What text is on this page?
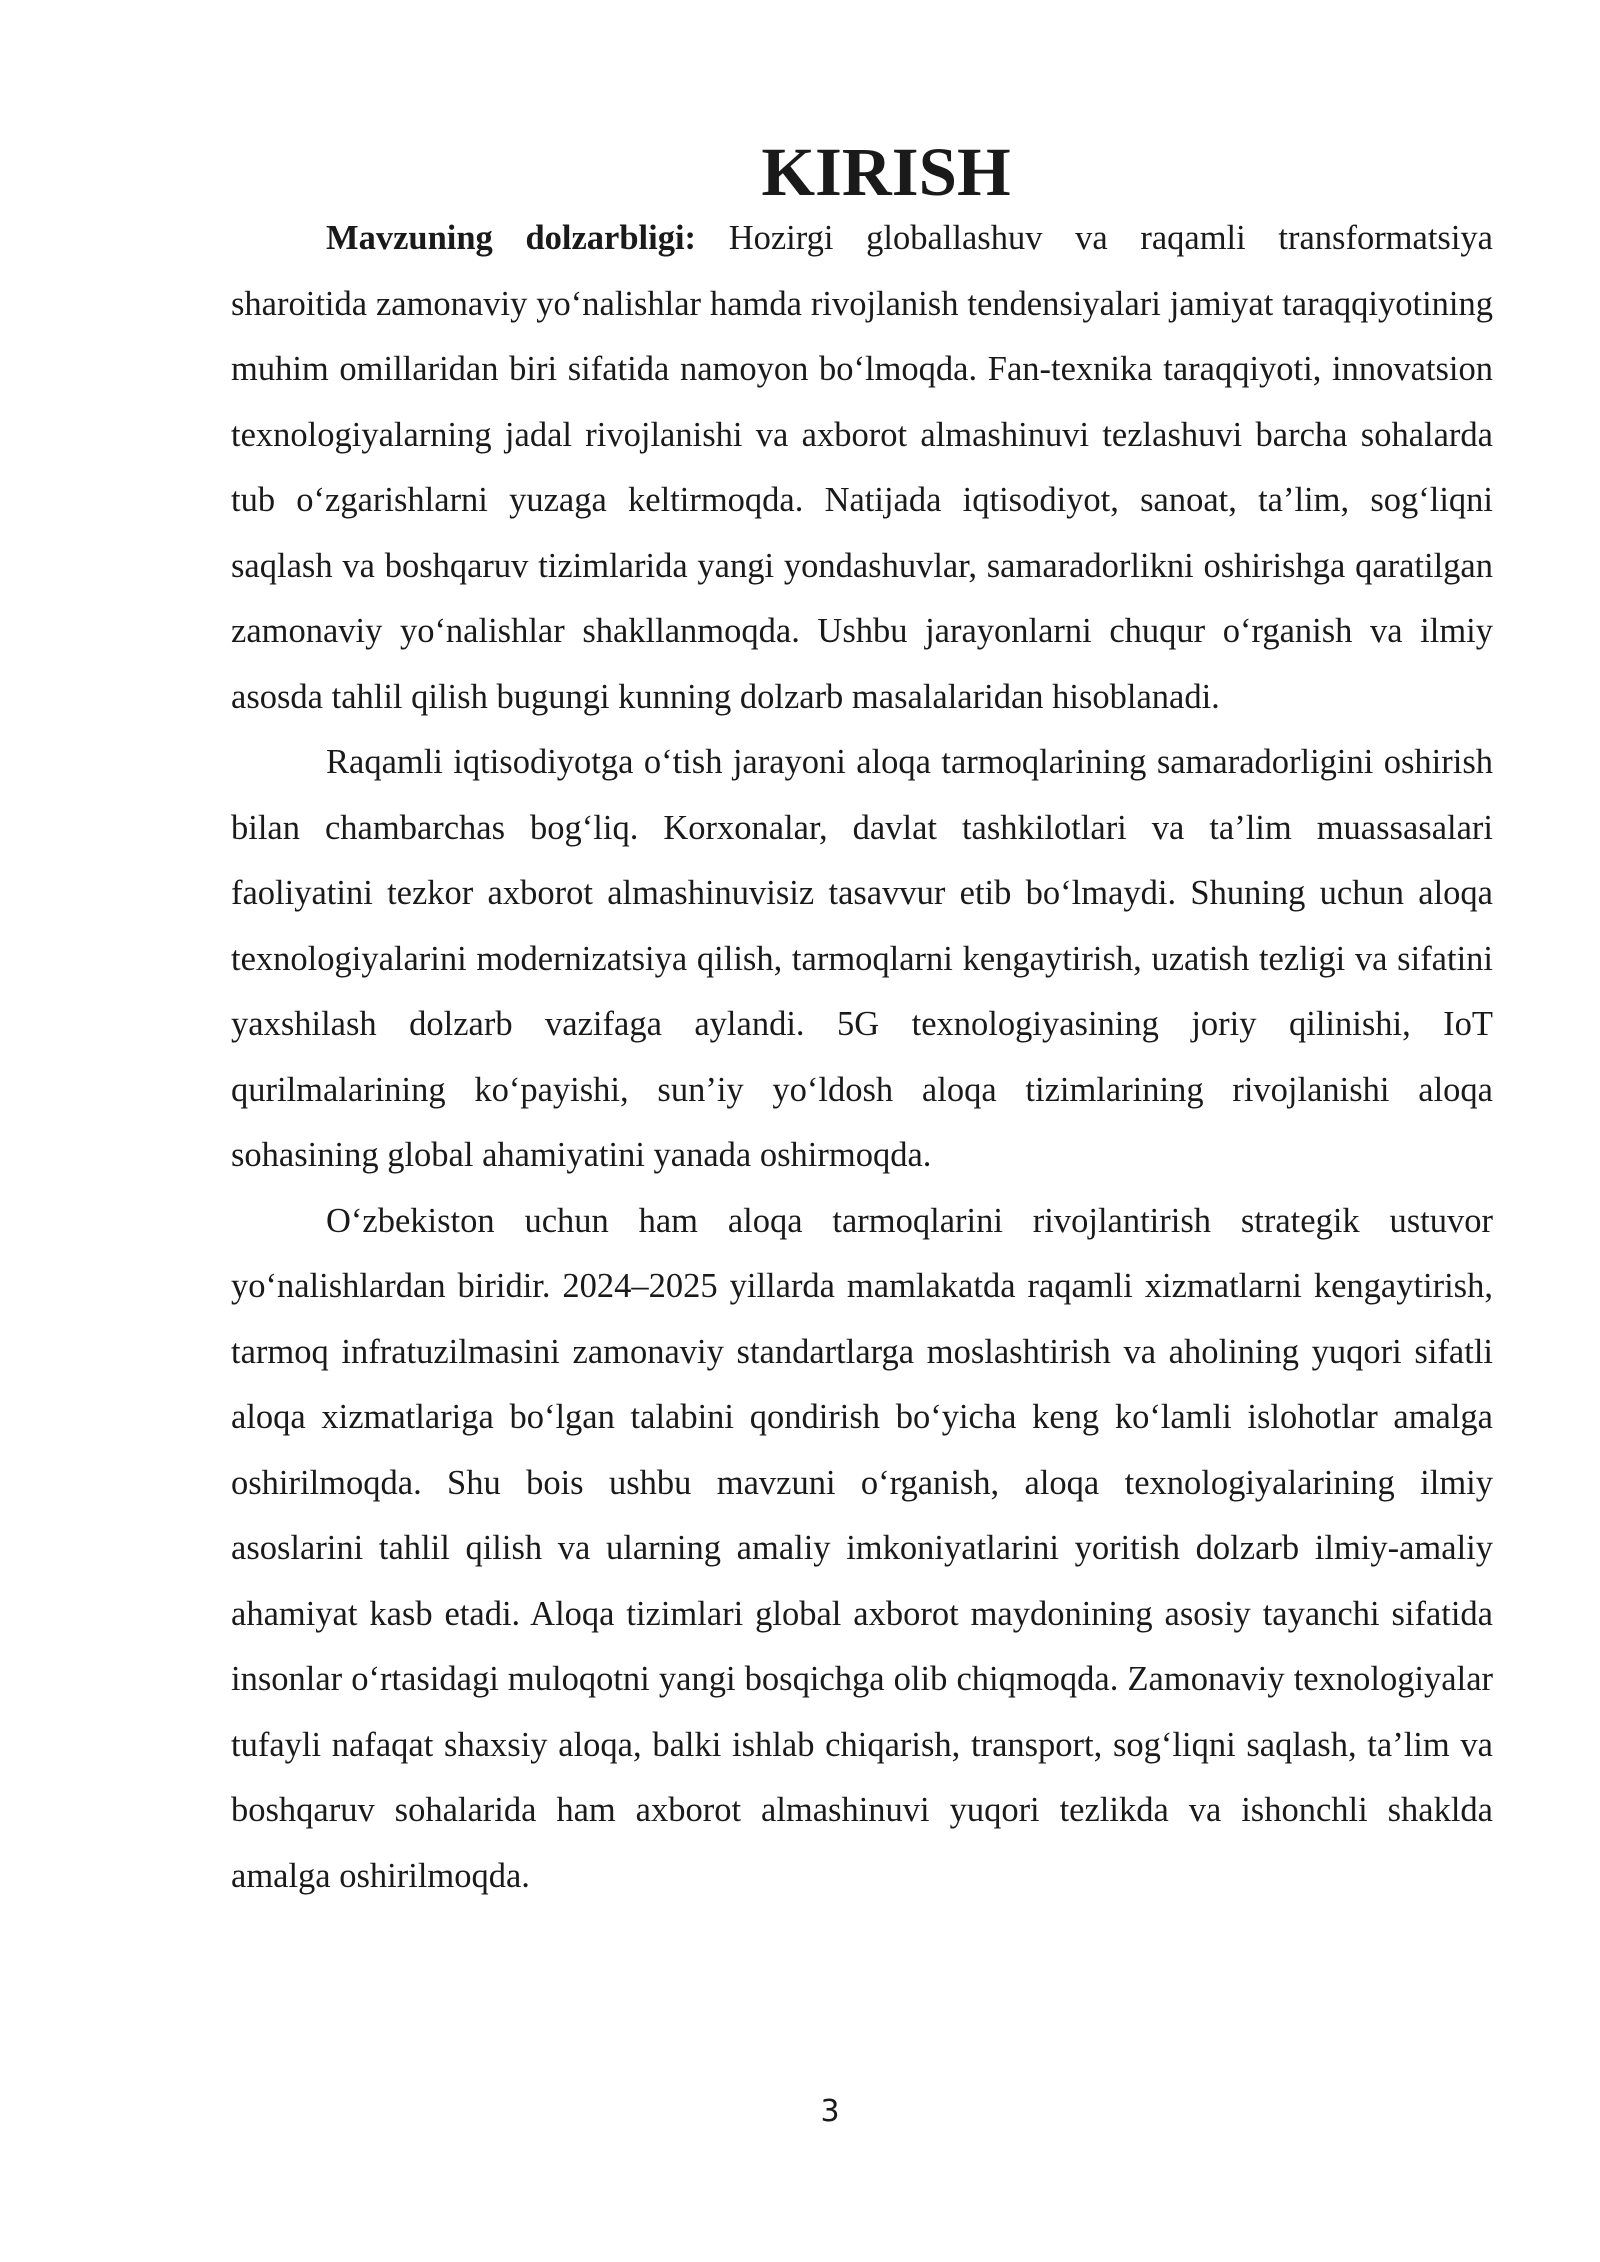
KIRISH

Mavzuning dolzarbligi: Hozirgi globallashuv va raqamli transformatsiya sharoitida zamonaviy yo‘nalishlar hamda rivojlanish tendensiyalari jamiyat taraqqiyotining muhim omillaridan biri sifatida namoyon bo‘lmoqda. Fan-texnika taraqqiyoti, innovatsion texnologiyalarning jadal rivojlanishi va axborot almashinuvi tezlashuvi barcha sohalarda tub o‘zgarishlarni yuzaga keltirmoqda. Natijada iqtisodiyot, sanoat, ta’lim, sog‘liqni saqlash va boshqaruv tizimlarida yangi yondashuvlar, samaradorlikni oshirishga qaratilgan zamonaviy yo‘nalishlar shakllanmoqda. Ushbu jarayonlarni chuqur o‘rganish va ilmiy asosda tahlil qilish bugungi kunning dolzarb masalalaridan hisoblanadi.

Raqamli iqtisodiyotga o‘tish jarayoni aloqa tarmoqlarining samaradorligini oshirish bilan chambarchas bog‘liq. Korxonalar, davlat tashkilotlari va ta’lim muassasalari faoliyatini tezkor axborot almashinuvisiz tasavvur etib bo‘lmaydi. Shuning uchun aloqa texnologiyalarini modernizatsiya qilish, tarmoqlarni kengaytirish, uzatish tezligi va sifatini yaxshilash dolzarb vazifaga aylandi. 5G texnologiyasining joriy qilinishi, IoT qurilmalarining ko‘payishi, sun’iy yo‘ldosh aloqa tizimlarining rivojlanishi aloqa sohasining global ahamiyatini yanada oshirmoqda.

O‘zbekiston uchun ham aloqa tarmoqlarini rivojlantirish strategik ustuvor yo‘nalishlardan biridir. 2024–2025 yillarda mamlakatda raqamli xizmatlarni kengaytirish, tarmoq infratuzilmasini zamonaviy standartlarga moslashtirish va aholining yuqori sifatli aloqa xizmatlariga bo‘lgan talabini qondirish bo‘yicha keng ko‘lamli islohotlar amalga oshirilmoqda. Shu bois ushbu mavzuni o‘rganish, aloqa texnologiyalarining ilmiy asoslarini tahlil qilish va ularning amaliy imkoniyatlarini yoritish dolzarb ilmiy-amaliy ahamiyat kasb etadi. Aloqa tizimlari global axborot maydonining asosiy tayanchi sifatida insonlar o‘rtasidagi muloqotni yangi bosqichga olib chiqmoqda. Zamonaviy texnologiyalar tufayli nafaqat shaxsiy aloqa, balki ishlab chiqarish, transport, sog‘liqni saqlash, ta’lim va boshqaruv sohalarida ham axborot almashinuvi yuqori tezlikda va ishonchli shaklda amalga oshirilmoqda.

3
